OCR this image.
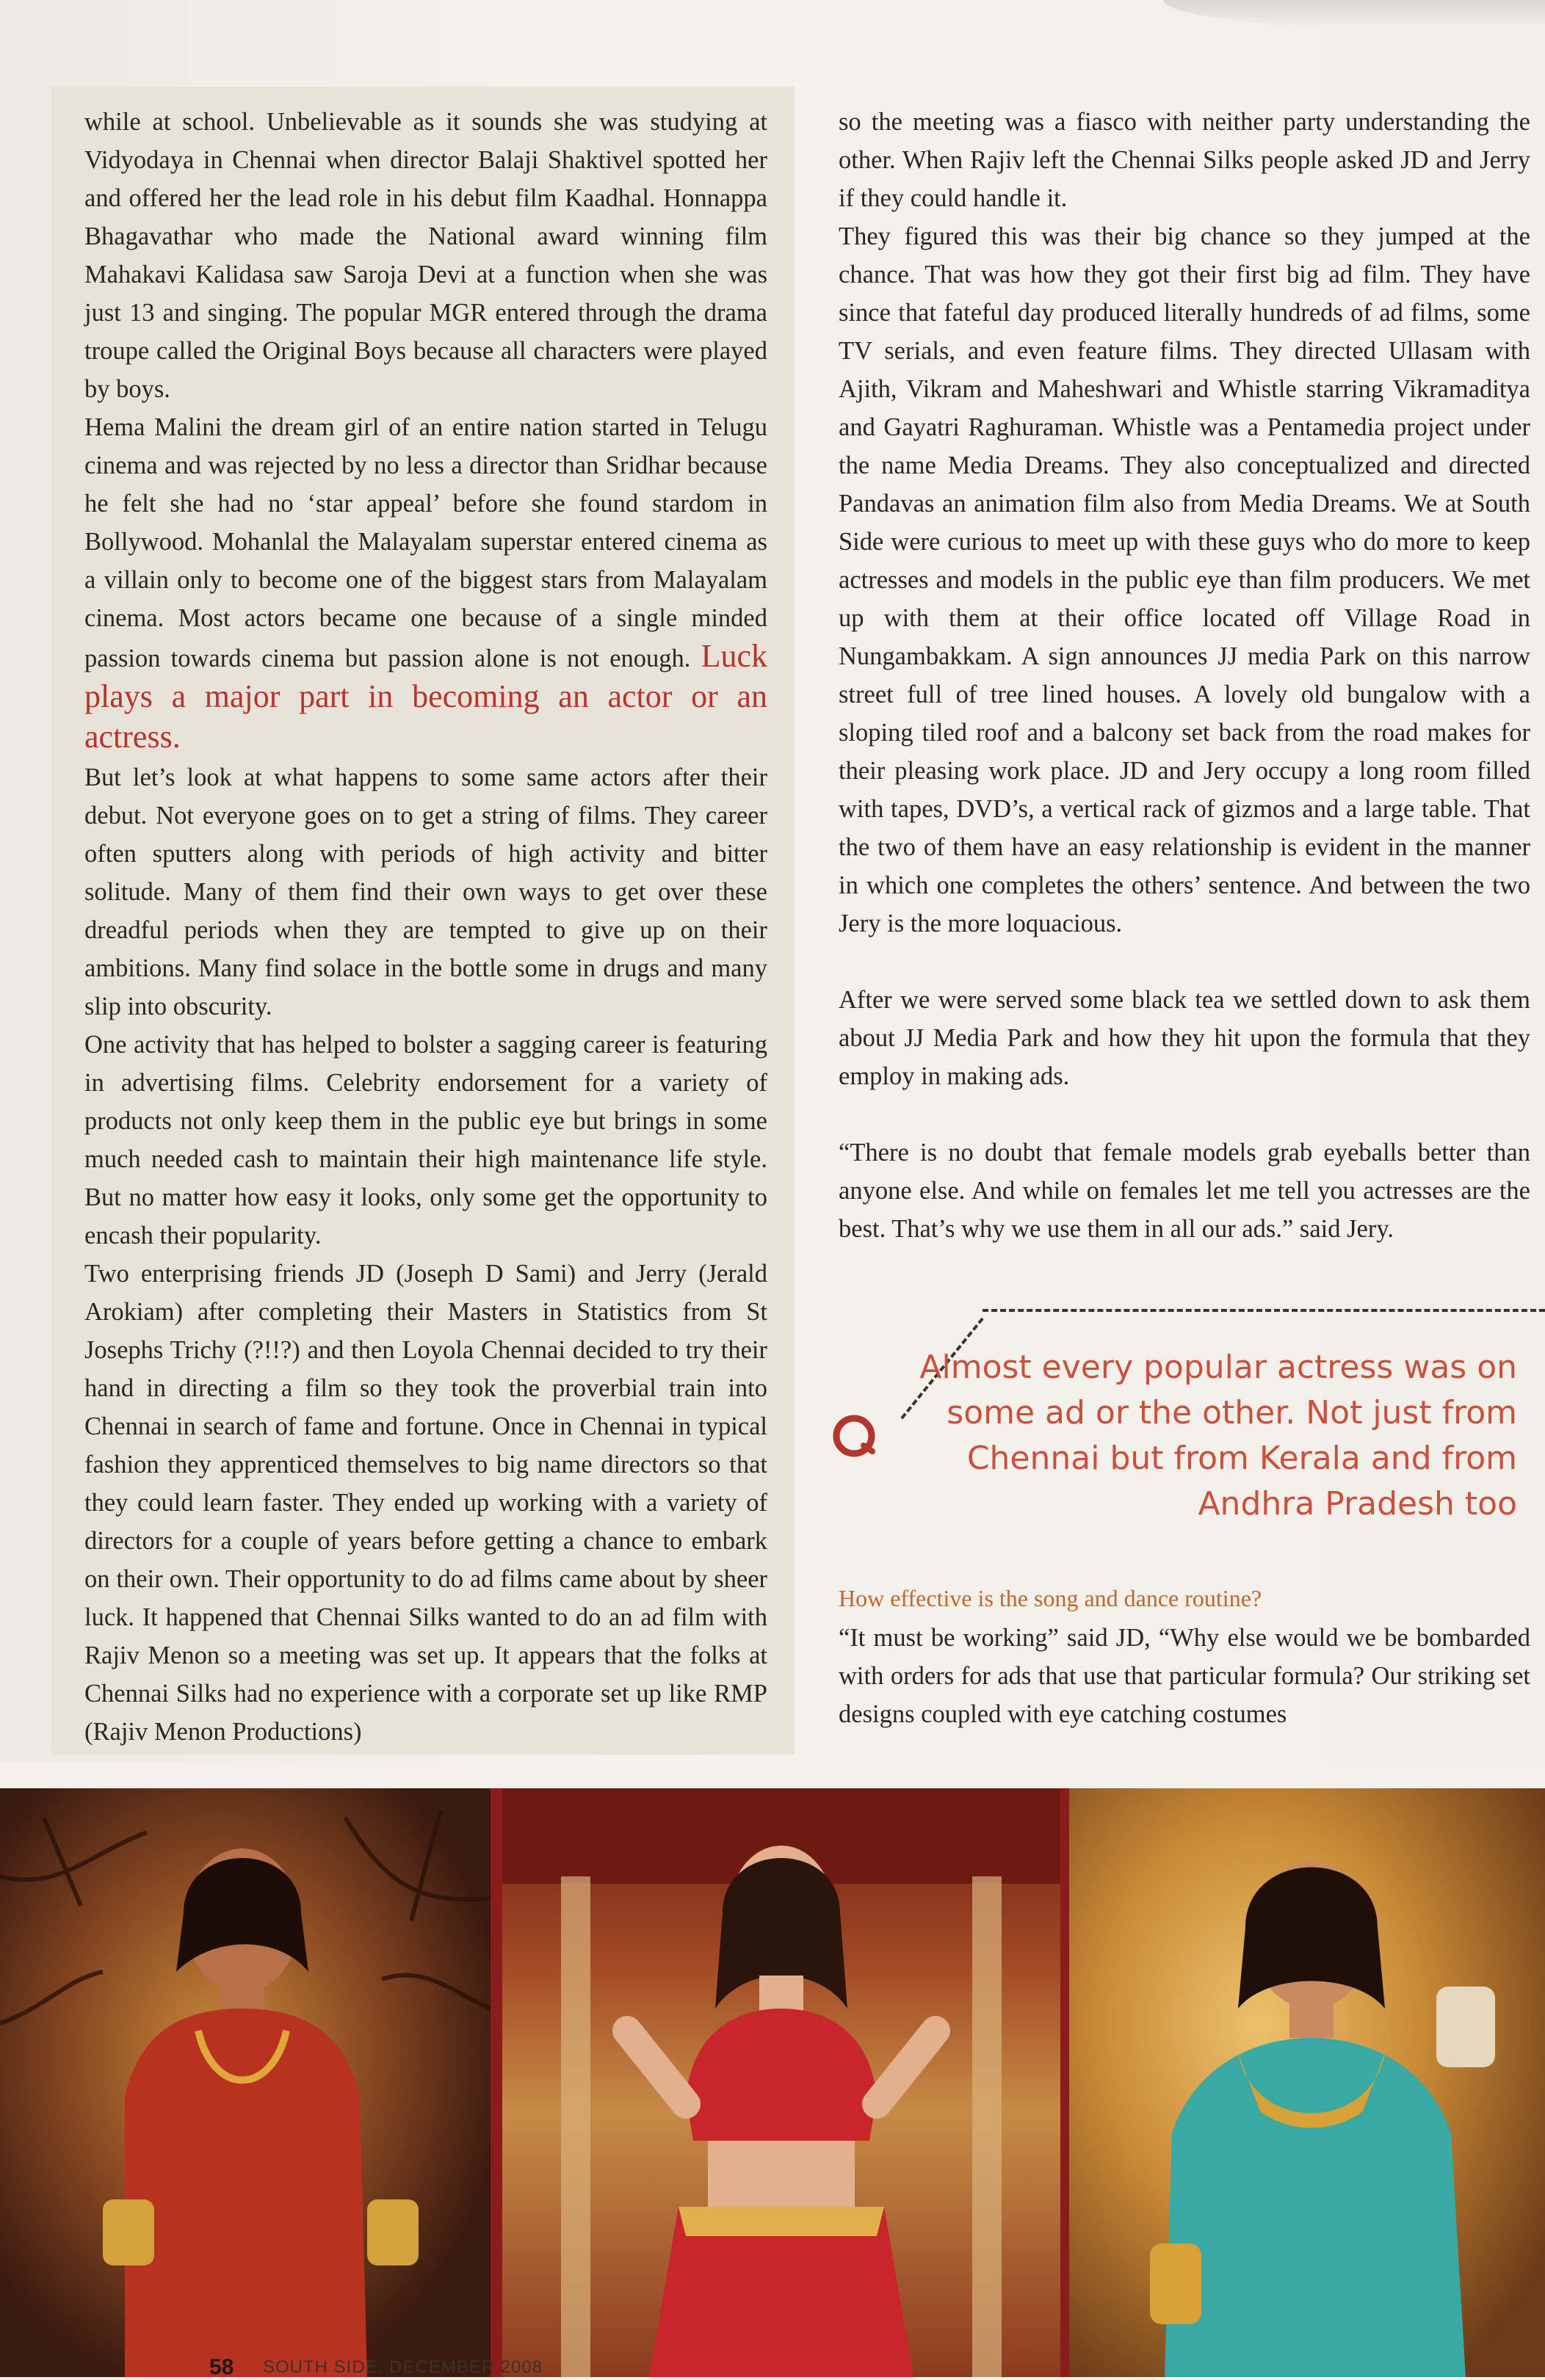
while at school. Unbelievable as it sounds she was studying at Vidyodaya in Chennai when director Balaji Shaktivel spotted her and offered her the lead role in his debut film Kaadhal. Honnappa Bhagavathar who made the National award winning film Mahakavi Kalidasa saw Saroja Devi at a function when she was just 13 and singing. The popular MGR entered through the drama troupe called the Original Boys because all characters were played by boys.

Hema Malini the dream girl of an entire nation started in Telugu cinema and was rejected by no less a director than Sridhar because he felt she had no ‘star appeal’ before she found stardom in Bollywood. Mohanlal the Malayalam superstar entered cinema as a villain only to become one of the biggest stars from Malayalam cinema. Most actors became one because of a single minded passion towards cinema but passion alone is not enough. Luck plays a major part in becoming an actor or an actress.

But let’s look at what happens to some same actors after their debut. Not everyone goes on to get a string of films. They career often sputters along with periods of high activity and bitter solitude. Many of them find their own ways to get over these dreadful periods when they are tempted to give up on their ambitions. Many find solace in the bottle some in drugs and many slip into obscurity.

One activity that has helped to bolster a sagging career is featuring in advertising films. Celebrity endorsement for a variety of products not only keep them in the public eye but brings in some much needed cash to maintain their high maintenance life style. But no matter how easy it looks, only some get the opportunity to encash their popularity.

Two enterprising friends JD (Joseph D Sami) and Jerry (Jerald Arokiam) after completing their Masters in Statistics from St Josephs Trichy (?!!?) and then Loyola Chennai decided to try their hand in directing a film so they took the proverbial train into Chennai in search of fame and fortune. Once in Chennai in typical fashion they apprenticed themselves to big name directors so that they could learn faster. They ended up working with a variety of directors for a couple of years before getting a chance to embark on their own. Their opportunity to do ad films came about by sheer luck. It happened that Chennai Silks wanted to do an ad film with Rajiv Menon so a meeting was set up. It appears that the folks at Chennai Silks had no experience with a corporate set up like RMP (Rajiv Menon Productions)

so the meeting was a fiasco with neither party understanding the other. When Rajiv left the Chennai Silks people asked JD and Jerry if they could handle it.

They figured this was their big chance so they jumped at the chance. That was how they got their first big ad film. They have since that fateful day produced literally hundreds of ad films, some TV serials, and even feature films. They directed Ullasam with Ajith, Vikram and Maheshwari and Whistle starring Vikramaditya and Gayatri Raghuraman. Whistle was a Pentamedia project under the name Media Dreams. They also conceptualized and directed Pandavas an animation film also from Media Dreams. We at South Side were curious to meet up with these guys who do more to keep actresses and models in the public eye than film producers. We met up with them at their office located off Village Road in Nungambakkam. A sign announces JJ media Park on this narrow street full of tree lined houses. A lovely old bungalow with a sloping tiled roof and a balcony set back from the road makes for their pleasing work place. JD and Jery occupy a long room filled with tapes, DVD’s, a vertical rack of gizmos and a large table. That the two of them have an easy relationship is evident in the manner in which one completes the others’ sentence. And between the two Jery is the more loquacious.

After we were served some black tea we settled down to ask them about JJ Media Park and how they hit upon the formula that they employ in making ads.

“There is no doubt that female models grab eyeballs better than anyone else. And while on females let me tell you actresses are the best. That’s why we use them in all our ads.” said Jery.

Almost every popular actress was on some ad or the other. Not just from Chennai but from Kerala and from Andhra Pradesh too
How effective is the song and dance routine?
“It must be working” said JD, “Why else would we be bombarded with orders for ads that use that particular formula? Our striking set designs coupled with eye catching costumes
58 SOUTH SIDE, DECEMBER 2008
